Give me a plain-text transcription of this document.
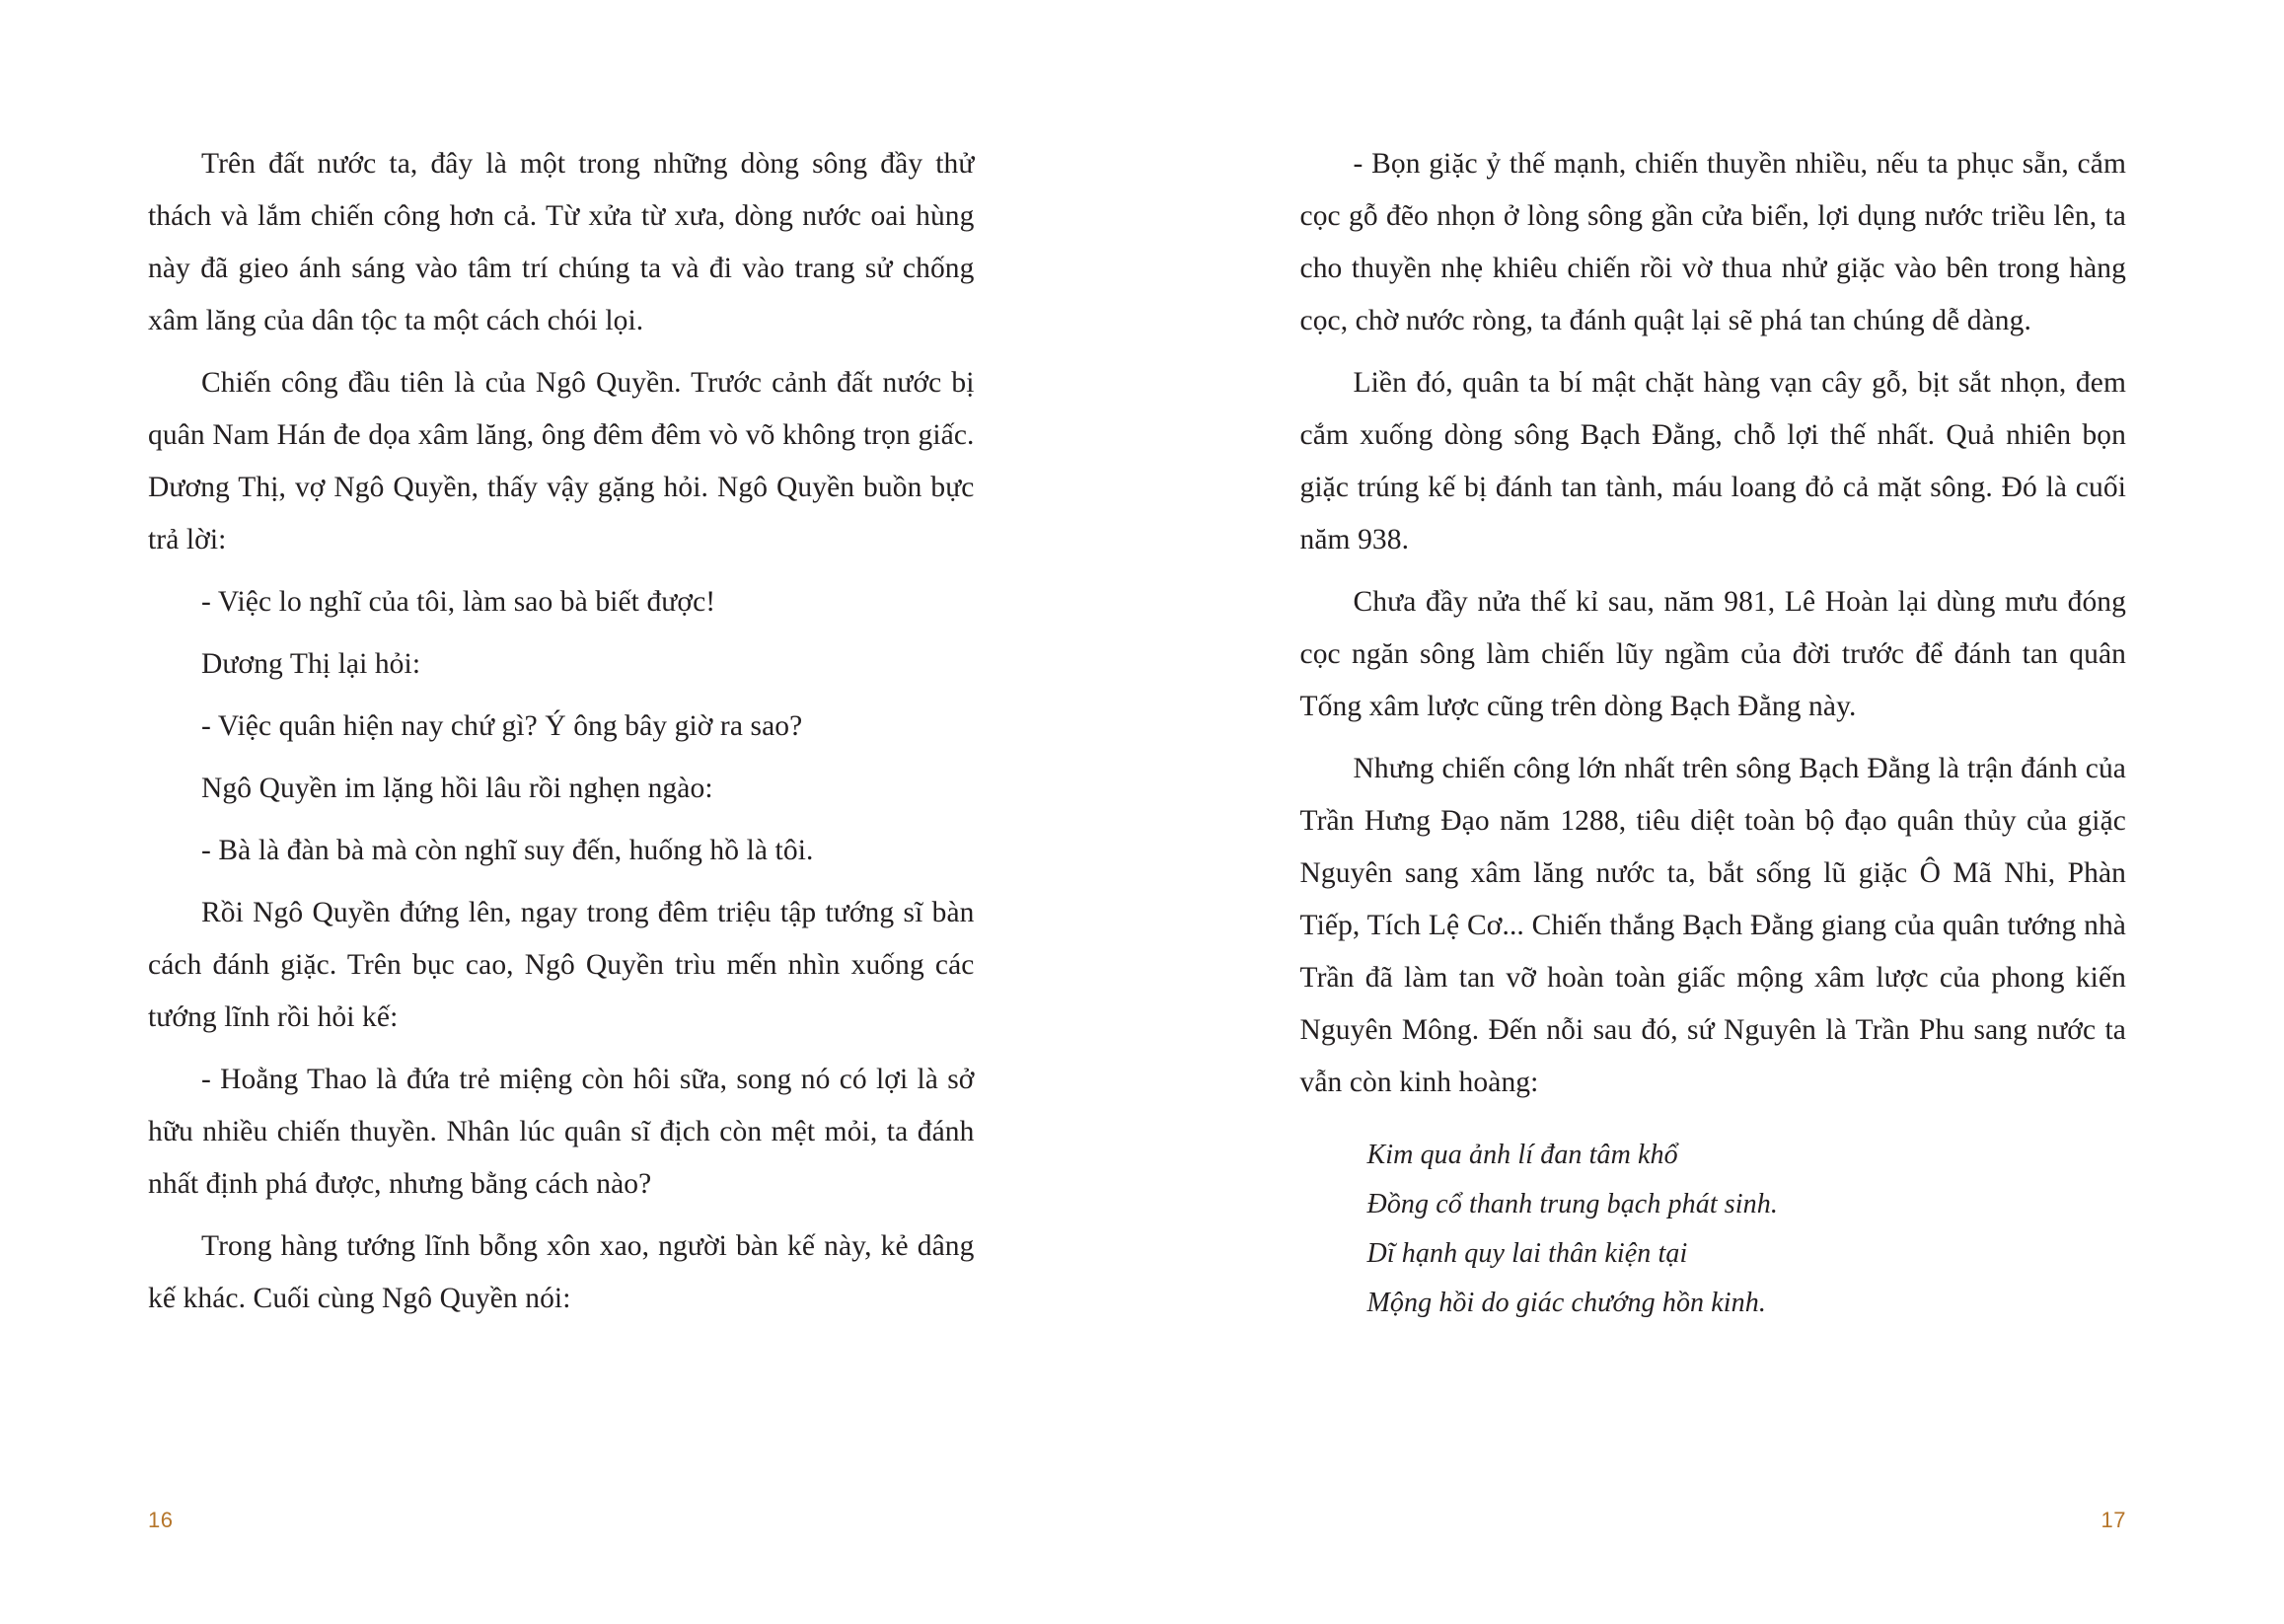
Trên đất nước ta, đây là một trong những dòng sông đầy thử thách và lắm chiến công hơn cả. Từ xửa từ xưa, dòng nước oai hùng này đã gieo ánh sáng vào tâm trí chúng ta và đi vào trang sử chống xâm lăng của dân tộc ta một cách chói lọi.

Chiến công đầu tiên là của Ngô Quyền. Trước cảnh đất nước bị quân Nam Hán đe dọa xâm lăng, ông đêm đêm vò võ không trọn giấc. Dương Thị, vợ Ngô Quyền, thấy vậy gặng hỏi. Ngô Quyền buồn bực trả lời:

- Việc lo nghĩ của tôi, làm sao bà biết được!

Dương Thị lại hỏi:

- Việc quân hiện nay chứ gì? Ý ông bây giờ ra sao?

Ngô Quyền im lặng hồi lâu rồi nghẹn ngào:

- Bà là đàn bà mà còn nghĩ suy đến, huống hồ là tôi.

Rồi Ngô Quyền đứng lên, ngay trong đêm triệu tập tướng sĩ bàn cách đánh giặc. Trên bục cao, Ngô Quyền trìu mến nhìn xuống các tướng lĩnh rồi hỏi kế:

- Hoằng Thao là đứa trẻ miệng còn hôi sữa, song nó có lợi là sở hữu nhiều chiến thuyền. Nhân lúc quân sĩ địch còn mệt mỏi, ta đánh nhất định phá được, nhưng bằng cách nào?

Trong hàng tướng lĩnh bỗng xôn xao, người bàn kế này, kẻ dâng kế khác. Cuối cùng Ngô Quyền nói:

16

- Bọn giặc ỷ thế mạnh, chiến thuyền nhiều, nếu ta phục sẵn, cắm cọc gỗ đẽo nhọn ở lòng sông gần cửa biển, lợi dụng nước triều lên, ta cho thuyền nhẹ khiêu chiến rồi vờ thua nhử giặc vào bên trong hàng cọc, chờ nước ròng, ta đánh quật lại sẽ phá tan chúng dễ dàng.

Liền đó, quân ta bí mật chặt hàng vạn cây gỗ, bịt sắt nhọn, đem cắm xuống dòng sông Bạch Đằng, chỗ lợi thế nhất. Quả nhiên bọn giặc trúng kế bị đánh tan tành, máu loang đỏ cả mặt sông. Đó là cuối năm 938.

Chưa đầy nửa thế kỉ sau, năm 981, Lê Hoàn lại dùng mưu đóng cọc ngăn sông làm chiến lũy ngầm của đời trước để đánh tan quân Tống xâm lược cũng trên dòng Bạch Đằng này.

Nhưng chiến công lớn nhất trên sông Bạch Đằng là trận đánh của Trần Hưng Đạo năm 1288, tiêu diệt toàn bộ đạo quân thủy của giặc Nguyên sang xâm lăng nước ta, bắt sống lũ giặc Ô Mã Nhi, Phàn Tiếp, Tích Lệ Cơ... Chiến thắng Bạch Đằng giang của quân tướng nhà Trần đã làm tan vỡ hoàn toàn giấc mộng xâm lược của phong kiến Nguyên Mông. Đến nỗi sau đó, sứ Nguyên là Trần Phu sang nước ta vẫn còn kinh hoàng:

Kim qua ảnh lí đan tâm khổ

Đồng cổ thanh trung bạch phát sinh.

Dĩ hạnh quy lai thân kiện tại

Mộng hồi do giác chướng hồn kinh.

17
